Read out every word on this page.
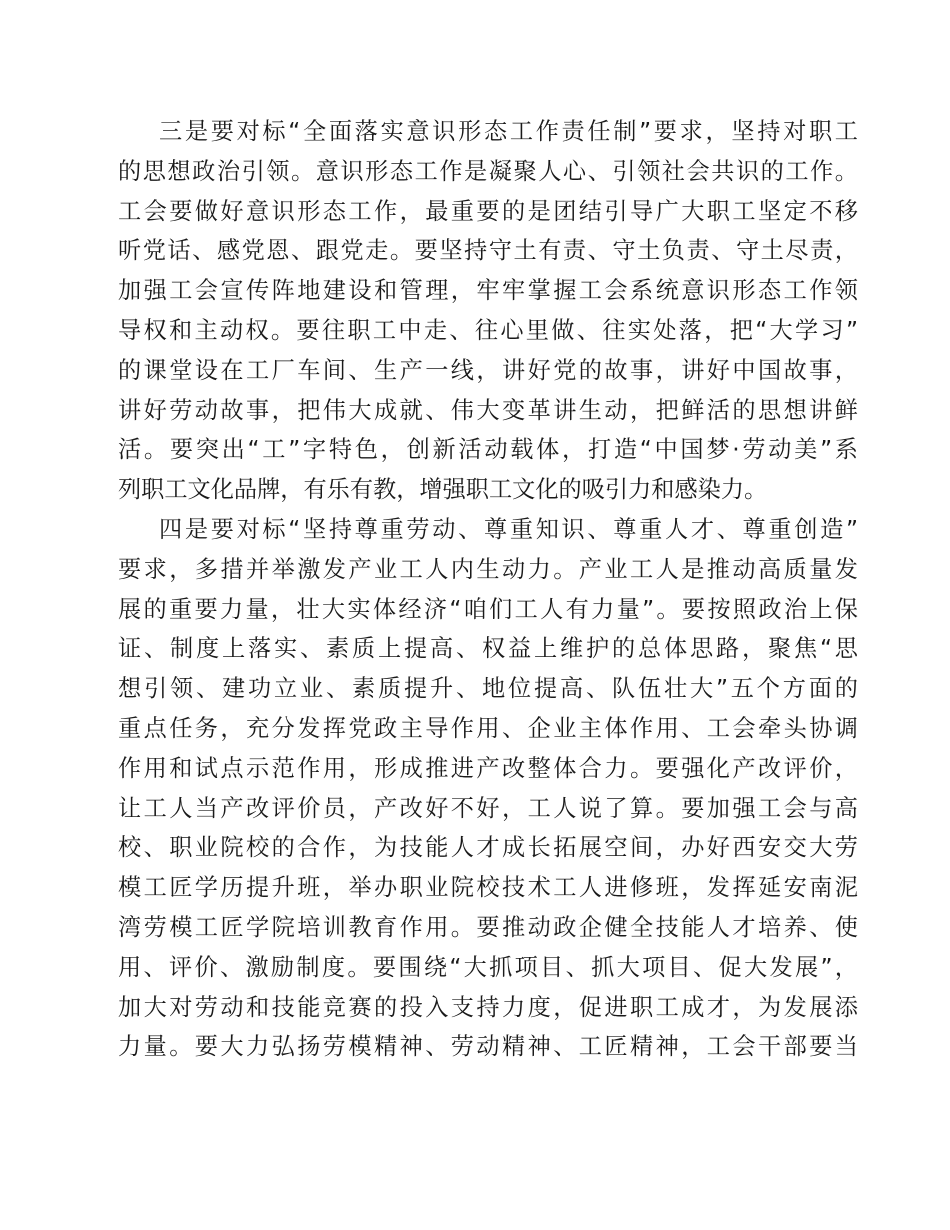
三是要对标“全面落实意识形态工作责任制”要求，坚持对职工
的思想政治引领。意识形态工作是凝聚人心、引领社会共识的工作。
工会要做好意识形态工作，最重要的是团结引导广大职工坚定不移
听党话、感党恩、跟党走。要坚持守土有责、守土负责、守土尽责，
加强工会宣传阵地建设和管理，牢牢掌握工会系统意识形态工作领
导权和主动权。要往职工中走、往心里做、往实处落，把“大学习”
的课堂设在工厂车间、生产一线，讲好党的故事，讲好中国故事，
讲好劳动故事，把伟大成就、伟大变革讲生动，把鲜活的思想讲鲜
活。要突出“工”字特色，创新活动载体，打造“中国梦·劳动美”系
列职工文化品牌，有乐有教，增强职工文化的吸引力和感染力。
四是要对标“坚持尊重劳动、尊重知识、尊重人才、尊重创造”
要求，多措并举激发产业工人内生动力。产业工人是推动高质量发
展的重要力量，壮大实体经济“咱们工人有力量”。要按照政治上保
证、制度上落实、素质上提高、权益上维护的总体思路，聚焦“思
想引领、建功立业、素质提升、地位提高、队伍壮大”五个方面的
重点任务，充分发挥党政主导作用、企业主体作用、工会牵头协调
作用和试点示范作用，形成推进产改整体合力。要强化产改评价，
让工人当产改评价员，产改好不好，工人说了算。要加强工会与高
校、职业院校的合作，为技能人才成长拓展空间，办好西安交大劳
模工匠学历提升班，举办职业院校技术工人进修班，发挥延安南泥
湾劳模工匠学院培训教育作用。要推动政企健全技能人才培养、使
用、评价、激励制度。要围绕“大抓项目、抓大项目、促大发展”，
加大对劳动和技能竞赛的投入支持力度，促进职工成才，为发展添
力量。要大力弘扬劳模精神、劳动精神、工匠精神，工会干部要当
